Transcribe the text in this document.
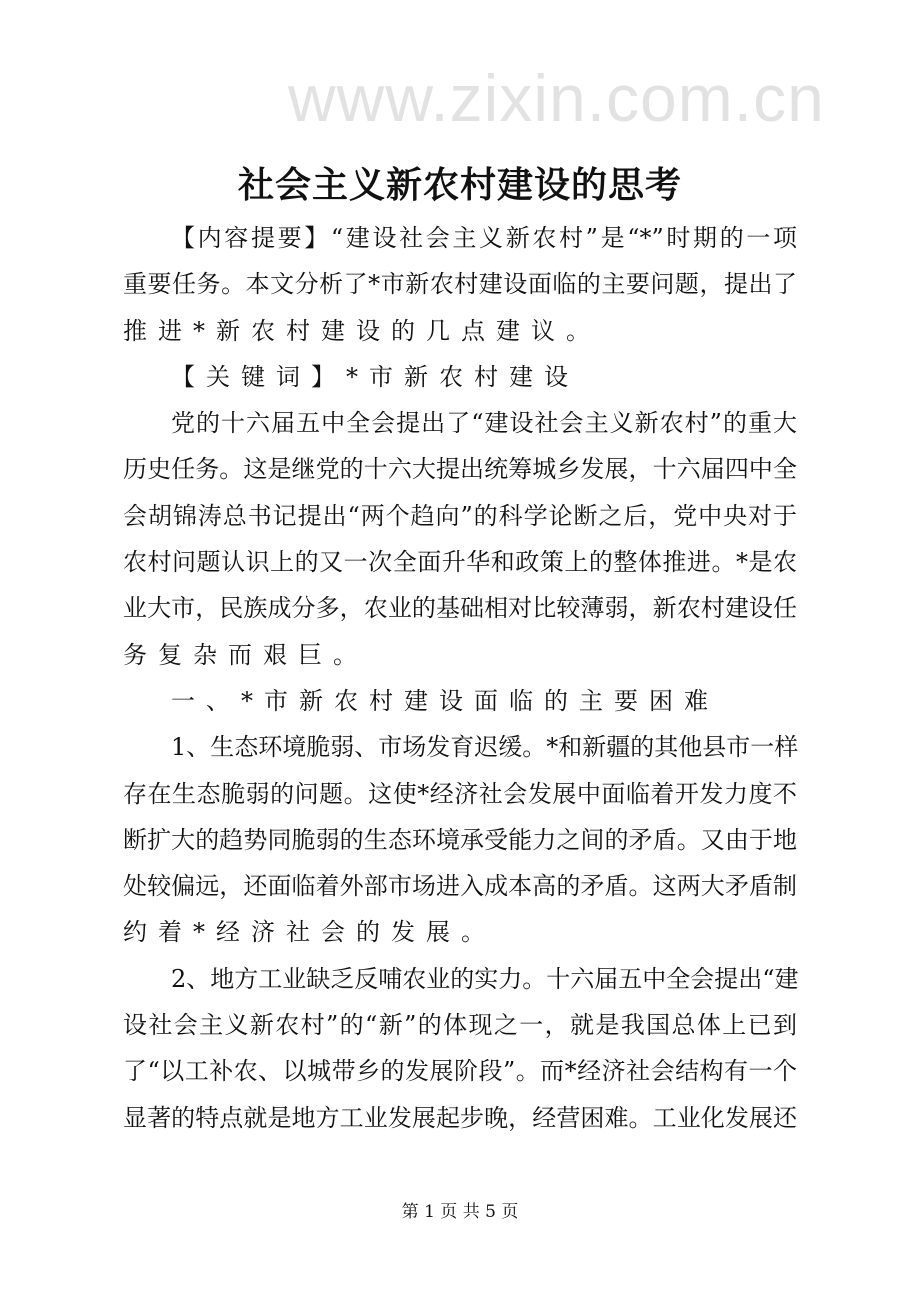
社会主义新农村建设的思考
【内容提要】“建设社会主义新农村”是“*”时期的一项
重要任务。本文分析了*市新农村建设面临的主要问题，提出了
推进*新农村建设的几点建议。
【关键词】*市新农村建设
党的十六届五中全会提出了“建设社会主义新农村”的重大
历史任务。这是继党的十六大提出统筹城乡发展，十六届四中全
会胡锦涛总书记提出“两个趋向”的科学论断之后，党中央对于
农村问题认识上的又一次全面升华和政策上的整体推进。*是农
业大市，民族成分多，农业的基础相对比较薄弱，新农村建设任
务复杂而艰巨。
一、*市新农村建设面临的主要困难
1、生态环境脆弱、市场发育迟缓。*和新疆的其他县市一样
存在生态脆弱的问题。这使*经济社会发展中面临着开发力度不
断扩大的趋势同脆弱的生态环境承受能力之间的矛盾。又由于地
处较偏远，还面临着外部市场进入成本高的矛盾。这两大矛盾制
约着*经济社会的发展。
2、地方工业缺乏反哺农业的实力。十六届五中全会提出“建
设社会主义新农村”的“新”的体现之一，就是我国总体上已到
了“以工补农、以城带乡的发展阶段”。而*经济社会结构有一个
显著的特点就是地方工业发展起步晚，经营困难。工业化发展还
www.zixin.com.cn
第 1 页 共 5 页
